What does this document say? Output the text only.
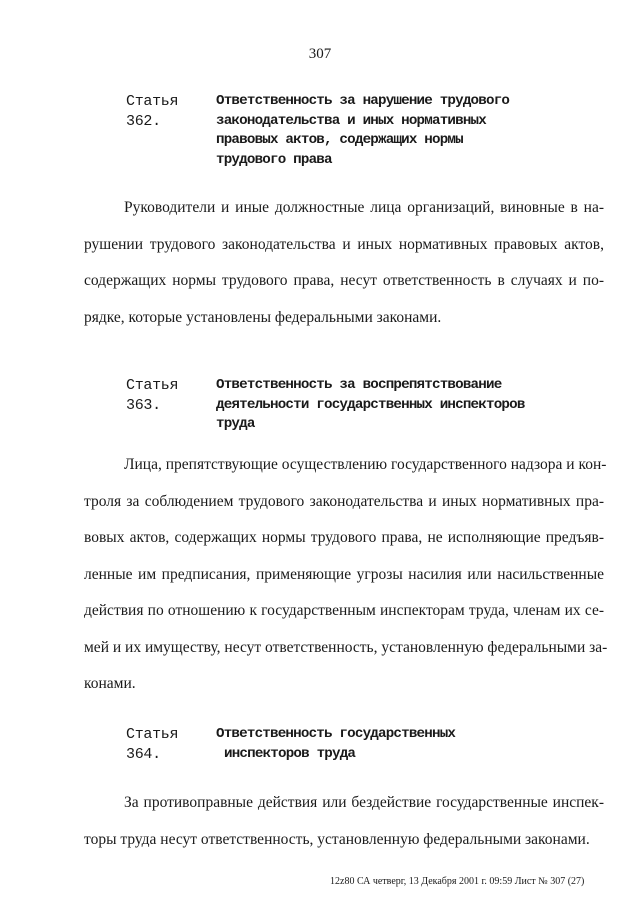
307
Статья 362.
Ответственность за нарушение трудового
законодательства и иных нормативных
правовых актов, содержащих нормы
трудового права
Руководители и иные должностные лица организаций, виновные в на-
рушении трудового законодательства и иных нормативных правовых актов,
содержащих нормы трудового права, несут ответственность в случаях и по-
рядке, которые установлены федеральными законами.
Статья 363.
Ответственность за воспрепятствование
деятельности государственных инспекторов
труда
Лица, препятствующие осуществлению государственного надзора и кон-
троля за соблюдением трудового законодательства и иных нормативных пра-
вовых актов, содержащих нормы трудового права, не исполняющие предъяв-
ленные им предписания, применяющие угрозы насилия или насильственные
действия по отношению к государственным инспекторам труда, членам их се-
мей и их имуществу, несут ответственность, установленную федеральными за-
конами.
Статья 364.
Ответственность государственных
инспекторов труда
За противоправные действия или бездействие государственные инспек-
торы труда несут ответственность, установленную федеральными законами.
12z80 СА четверг, 13 Декабря 2001 г. 09:59 Лист № 307 (27)
